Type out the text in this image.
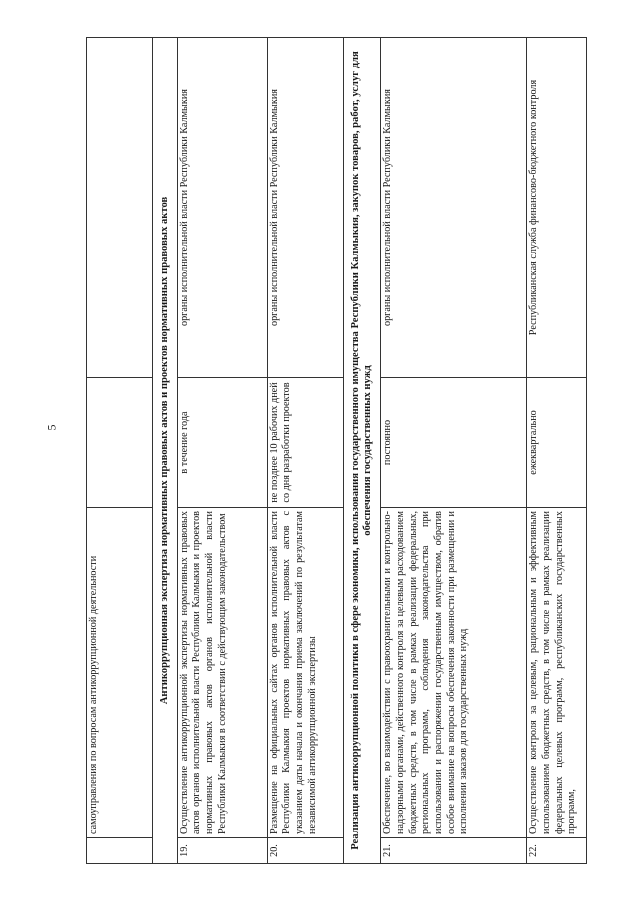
5
	самоуправления по вопросам антикоррупционной деятельности		
Антикоррупционная экспертиза нормативных правовых актов и проектов нормативных правовых актов			
19.	Осуществление антикоррупционной экспертизы нормативных правовых актов органов исполнительной власти Республики Калмыкия и проектов нормативных правовых актов органов исполнительной власти Республики Калмыкия в соответствии с действующим законодательством	в течение года	органы исполнительной власти Республики Калмыкия
20.	Размещение на официальных сайтах органов исполнительной власти Республики Калмыкия проектов нормативных правовых актов с указанием даты начала и окончания приема заключений по результатам независимой антикоррупционной экспертизы	не позднее 10 рабочих дней со дня разработки проектов	органы исполнительной власти Республики Калмыкия
Реализация антикоррупционной политики в сфере экономики, использования государственного имущества Республики Калмыкия, закупок товаров, работ, услуг для обеспечения государственных нужд			
21.	Обеспечение, во взаимодействии с правоохранительными и контрольно-надзорными органами, действенного контроля за целевым расходованием бюджетных средств, в том числе в рамках реализации федеральных, региональных программ, соблюдения законодательства при использовании и распоряжении государственным имуществом, обратив особое внимание на вопросы обеспечения законности при размещении и исполнении заказов для государственных нужд	постоянно	органы исполнительной власти Республики Калмыкия
22.	Осуществление контроля за целевым, рациональным и эффективным использованием бюджетных средств, в том числе в рамках реализации федеральных целевых программ, республиканских государственных программ,	ежеквартально	Республиканская служба финансово-бюджетного контроля
